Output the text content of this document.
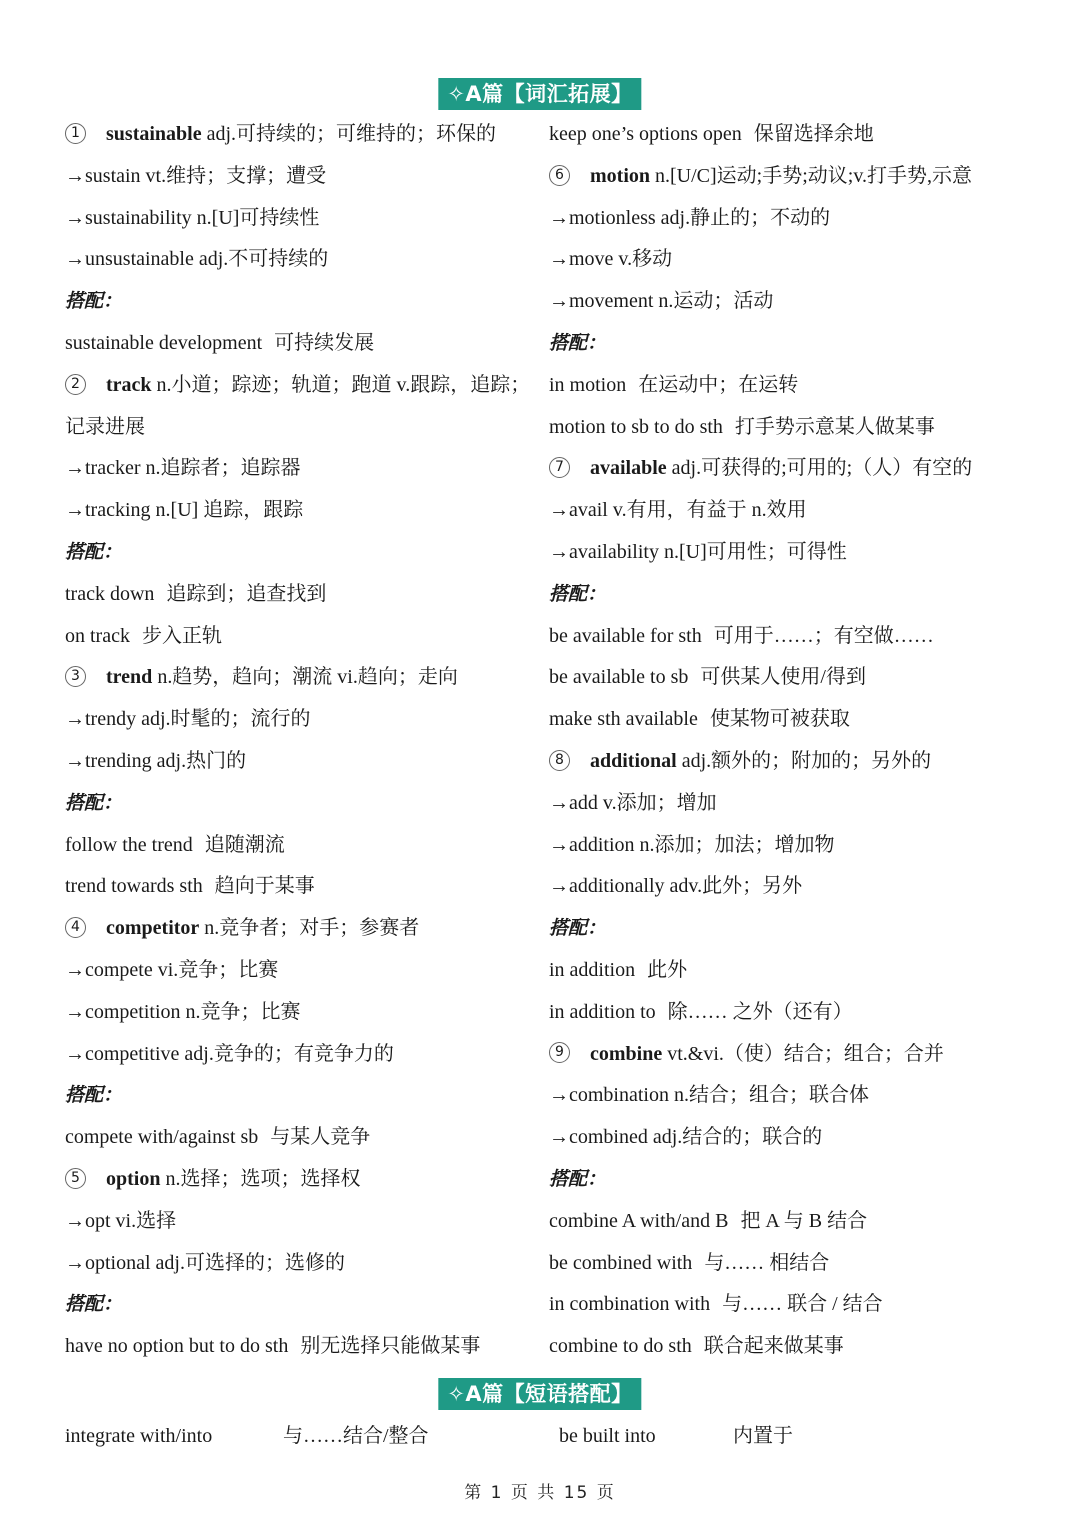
✧A篇【词汇拓展】
1 sustainable adj.可持续的；可维持的；环保的
→sustain vt.维持；支撑；遭受
→sustainability n.[U]可持续性
→unsustainable adj.不可持续的
搭配：
sustainable development 可持续发展
2 track n.小道；踪迹；轨道；跑道 v.跟踪，追踪；记录进展
→tracker n.追踪者；追踪器
→tracking n.[U] 追踪，跟踪
搭配：
track down 追踪到；追查找到
on track 步入正轨
3 trend n.趋势，趋向；潮流 vi.趋向；走向
→trendy adj.时髦的；流行的
→trending adj.热门的
搭配：
follow the trend 追随潮流
trend towards sth 趋向于某事
4 competitor n.竞争者；对手；参赛者
→compete vi.竞争；比赛
→competition n.竞争；比赛
→competitive adj.竞争的；有竞争力的
搭配：
compete with/against sb 与某人竞争
5 option n.选择；选项；选择权
→opt vi.选择
→optional adj.可选择的；选修的
搭配：
have no option but to do sth 别无选择只能做某事
keep one’s options open 保留选择余地
6 motion n.[U/C]运动;手势;动议;v.打手势,示意
→motionless adj.静止的；不动的
→move v.移动
→movement n.运动；活动
搭配：
in motion 在运动中；在运转
motion to sb to do sth 打手势示意某人做某事
7 available adj.可获得的;可用的;（人）有空的
→avail v.有用，有益于 n.效用
→availability n.[U]可用性；可得性
搭配：
be available for sth 可用于……；有空做……
be available to sb 可供某人使用/得到
make sth available 使某物可被获取
8 additional adj.额外的；附加的；另外的
→add v.添加；增加
→addition n.添加；加法；增加物
→additionally adv.此外；另外
搭配：
in addition 此外
in addition to 除…… 之外（还有）
9 combine vt.&vi.（使）结合；组合；合并
→combination n.结合；组合；联合体
→combined adj.结合的；联合的
搭配：
combine A with/and B 把 A 与 B 结合
be combined with 与…… 相结合
in combination with 与…… 联合 / 结合
combine to do sth 联合起来做某事
✧A篇【短语搭配】
integrate with/into	与……结合/整合	be built into	内置于
第 1 页 共 15 页
